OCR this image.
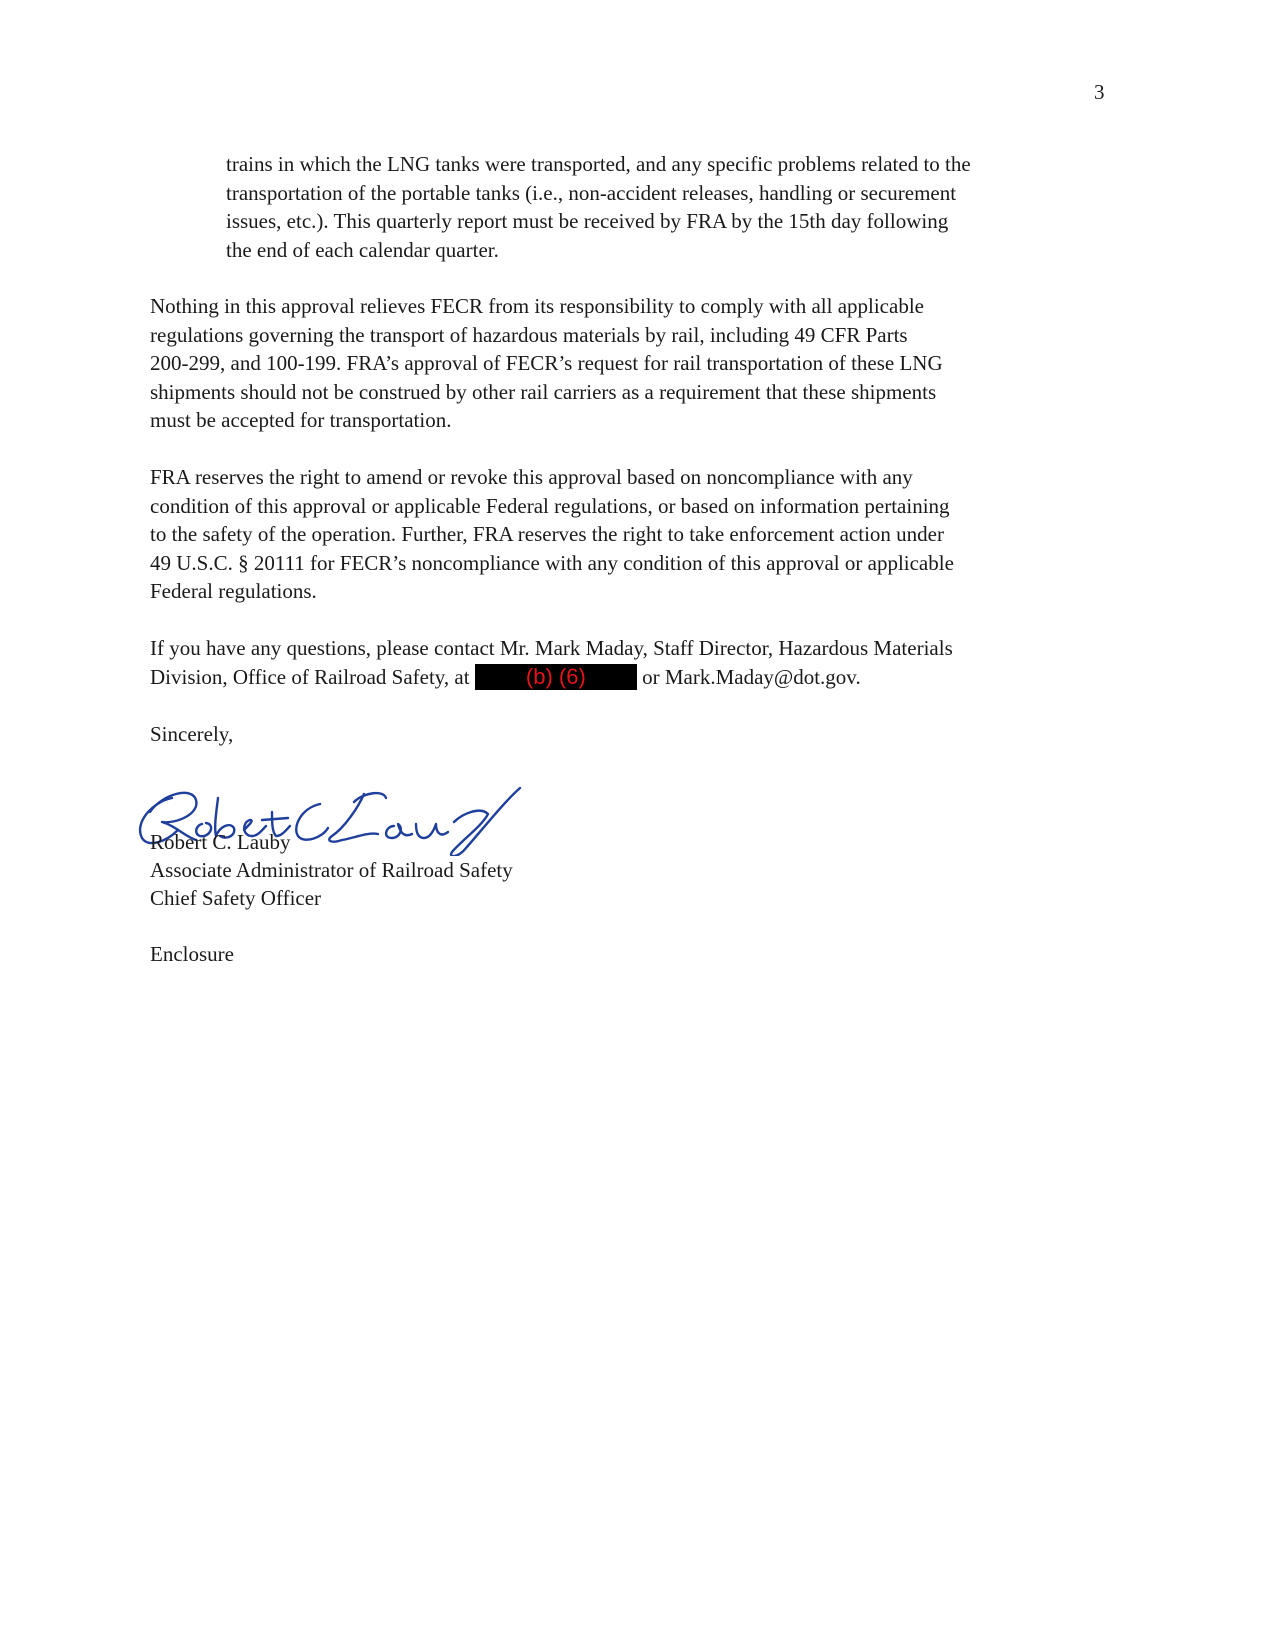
3

trains in which the LNG tanks were transported, and any specific problems related to the
transportation of the portable tanks (i.e., non-accident releases, handling or securement
issues, etc.). This quarterly report must be received by FRA by the 15th day following
the end of each calendar quarter.

Nothing in this approval relieves FECR from its responsibility to comply with all applicable
regulations governing the transport of hazardous materials by rail, including 49 CFR Parts
200-299, and 100-199. FRA’s approval of FECR’s request for rail transportation of these LNG
shipments should not be construed by other rail carriers as a requirement that these shipments
must be accepted for transportation.

FRA reserves the right to amend or revoke this approval based on noncompliance with any
condition of this approval or applicable Federal regulations, or based on information pertaining
to the safety of the operation. Further, FRA reserves the right to take enforcement action under
49 U.S.C. § 20111 for FECR’s noncompliance with any condition of this approval or applicable
Federal regulations.

If you have any questions, please contact Mr. Mark Maday, Staff Director, Hazardous Materials
Division, Office of Railroad Safety, at (b) (6) or Mark.Maday@dot.gov.

Sincerely,
Robert C. Lauby
Associate Administrator of Railroad Safety
Chief Safety Officer
Enclosure
